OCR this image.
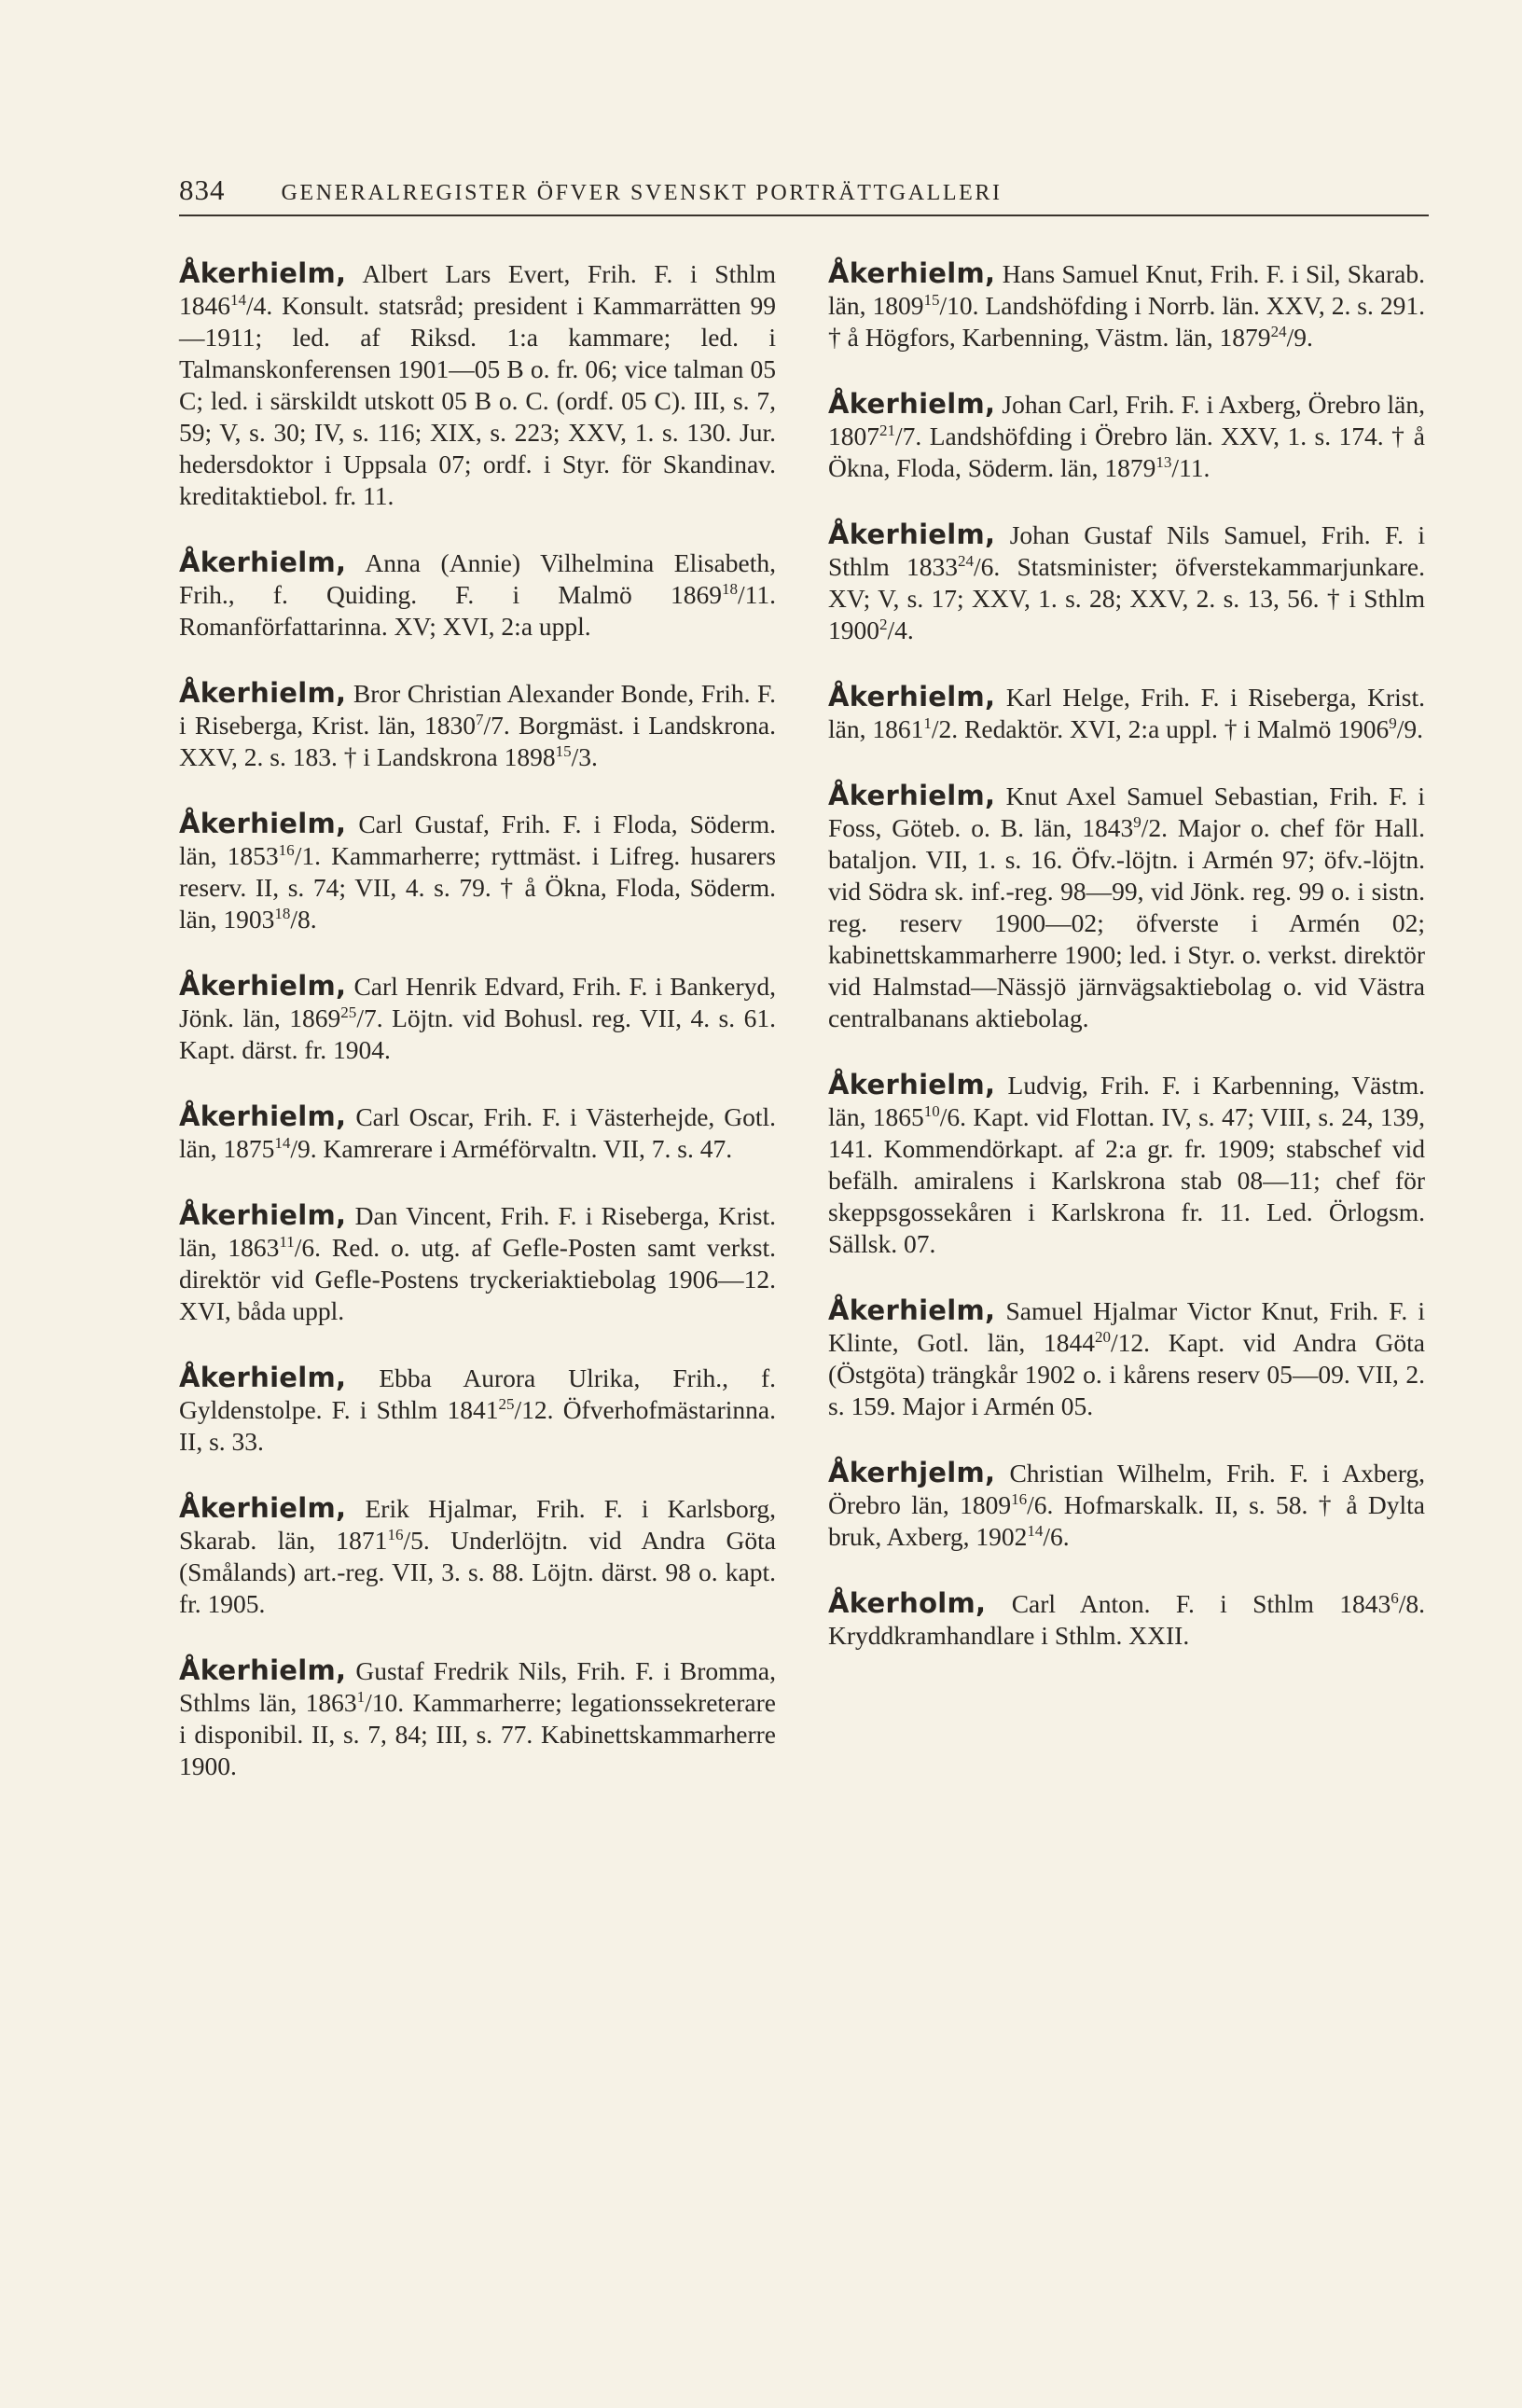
834	GENERALREGISTER ÖFVER SVENSKT PORTRÄTTGALLERI

Åkerhielm, Albert Lars Evert, Frih. F. i Sthlm 1846$^{14}$/4. Konsult. statsråd; president i Kammarrätten 99—1911; led. af Riksd. 1:a kammare; led. i Talmanskonferensen 1901—05 B o. fr. 06; vice talman 05 C; led. i särskildt utskott 05 B o. C. (ordf. 05 C). III, s. 7, 59; V, s. 30; IV, s. 116; XIX, s. 223; XXV, 1. s. 130. Jur. hedersdoktor i Uppsala 07; ordf. i Styr. för Skandinav. kreditaktiebol. fr. 11.

Åkerhielm, Anna (Annie) Vilhelmina Elisabeth, Frih., f. Quiding. F. i Malmö 1869$^{18}$/11. Romanförfattarinna. XV; XVI, 2:a uppl.

Åkerhielm, Bror Christian Alexander Bonde, Frih. F. i Riseberga, Krist. län, 1830$^7$/7. Borgmäst. i Landskrona. XXV, 2. s. 183. † i Landskrona 1898$^{15}$/3.

Åkerhielm, Carl Gustaf, Frih. F. i Floda, Söderm. län, 1853$^{16}$/1. Kammarherre; ryttmäst. i Lifreg. husarers reserv. II, s. 74; VII, 4. s. 79. † å Ökna, Floda, Söderm. län, 1903$^{18}$/8.

Åkerhielm, Carl Henrik Edvard, Frih. F. i Bankeryd, Jönk. län, 1869$^{25}$/7. Löjtn. vid Bohusl. reg. VII, 4. s. 61. Kapt. därst. fr. 1904.

Åkerhielm, Carl Oscar, Frih. F. i Västerhejde, Gotl. län, 1875$^{14}$/9. Kamrerare i Arméförvaltn. VII, 7. s. 47.

Åkerhielm, Dan Vincent, Frih. F. i Riseberga, Krist. län, 1863$^{11}$/6. Red. o. utg. af Gefle-Posten samt verkst. direktör vid Gefle-Postens tryckeriaktiebolag 1906—12. XVI, båda uppl.

Åkerhielm, Ebba Aurora Ulrika, Frih., f. Gyldenstolpe. F. i Sthlm 1841$^{25}$/12. Öfverhofmästarinna. II, s. 33.

Åkerhielm, Erik Hjalmar, Frih. F. i Karlsborg, Skarab. län, 1871$^{16}$/5. Underlöjtn. vid Andra Göta (Smålands) art.-reg. VII, 3. s. 88. Löjtn. därst. 98 o. kapt. fr. 1905.

Åkerhielm, Gustaf Fredrik Nils, Frih. F. i Bromma, Sthlms län, 1863$^1$/10. Kammarherre; legationssekreterare i disponibil. II, s. 7, 84; III, s. 77. Kabinettskammarherre 1900.

Åkerhielm, Hans Samuel Knut, Frih. F. i Sil, Skarab. län, 1809$^{15}$/10. Landshöfding i Norrb. län. XXV, 2. s. 291. † å Högfors, Karbenning, Västm. län, 1879$^{24}$/9.

Åkerhielm, Johan Carl, Frih. F. i Axberg, Örebro län, 1807$^{21}$/7. Landshöfding i Örebro län. XXV, 1. s. 174. † å Ökna, Floda, Söderm. län, 1879$^{13}$/11.

Åkerhielm, Johan Gustaf Nils Samuel, Frih. F. i Sthlm 1833$^{24}$/6. Statsminister; öfverstekammarjunkare. XV; V, s. 17; XXV, 1. s. 28; XXV, 2. s. 13, 56. † i Sthlm 1900$^2$/4.

Åkerhielm, Karl Helge, Frih. F. i Riseberga, Krist. län, 1861$^1$/2. Redaktör. XVI, 2:a uppl. † i Malmö 1906$^9$/9.

Åkerhielm, Knut Axel Samuel Sebastian, Frih. F. i Foss, Göteb. o. B. län, 1843$^9$/2. Major o. chef för Hall. bataljon. VII, 1. s. 16. Öfv.-löjtn. i Armén 97; öfv.-löjtn. vid Södra sk. inf.-reg. 98—99, vid Jönk. reg. 99 o. i sistn. reg. reserv 1900—02; öfverste i Armén 02; kabinettskammarherre 1900; led. i Styr. o. verkst. direktör vid Halmstad—Nässjö järnvägsaktiebolag o. vid Västra centralbanans aktiebolag.

Åkerhielm, Ludvig, Frih. F. i Karbenning, Västm. län, 1865$^{10}$/6. Kapt. vid Flottan. IV, s. 47; VIII, s. 24, 139, 141. Kommendörkapt. af 2:a gr. fr. 1909; stabschef vid befälh. amiralens i Karlskrona stab 08—11; chef för skeppsgossekåren i Karlskrona fr. 11. Led. Örlogsm. Sällsk. 07.

Åkerhielm, Samuel Hjalmar Victor Knut, Frih. F. i Klinte, Gotl. län, 1844$^{20}$/12. Kapt. vid Andra Göta (Östgöta) trängkår 1902 o. i kårens reserv 05—09. VII, 2. s. 159. Major i Armén 05.

Åkerhjelm, Christian Wilhelm, Frih. F. i Axberg, Örebro län, 1809$^{16}$/6. Hofmarskalk. II, s. 58. † å Dylta bruk, Axberg, 1902$^{14}$/6.

Åkerholm, Carl Anton. F. i Sthlm 1843$^6$/8. Kryddkramhandlare i Sthlm. XXII.
